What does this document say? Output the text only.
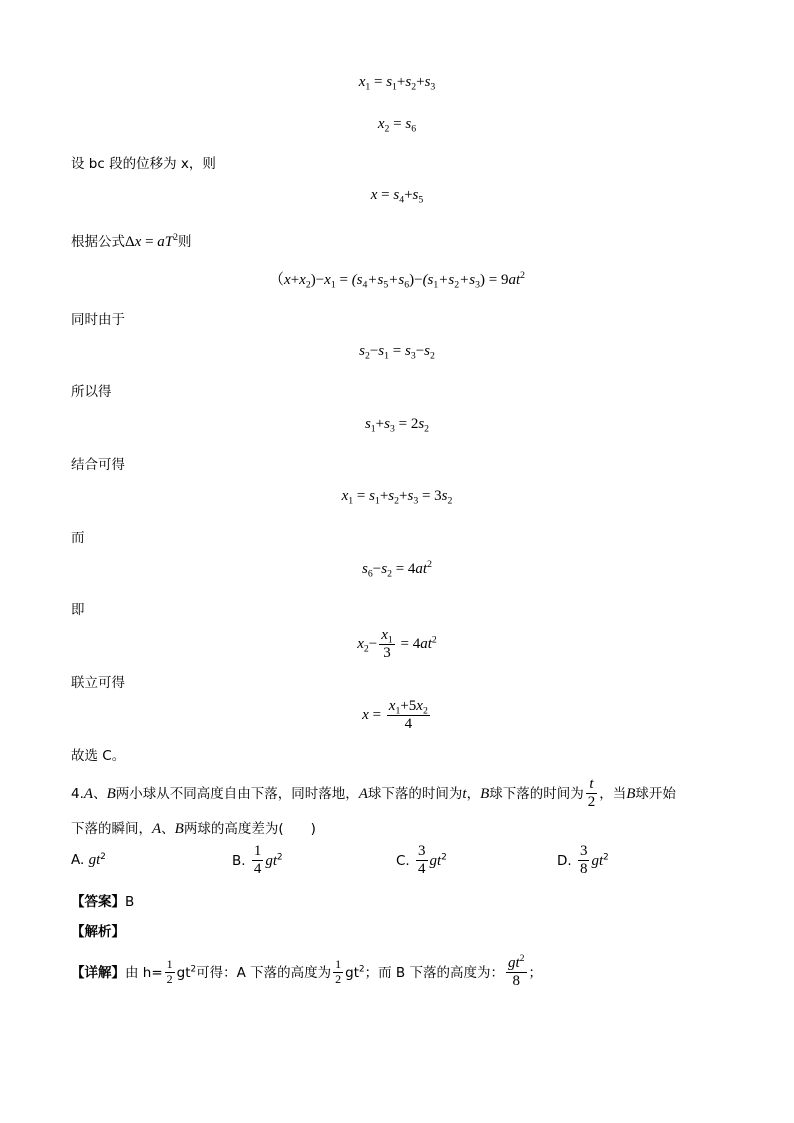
$x_1 = s_1+s_2+s_3$
$x_2 = s_6$
设 bc 段的位移为 x，则
$x = s_4+s_5$
根据公式$\Delta x = aT^2$则
$(x+x_2)-x_1 = (s_4+s_5+s_6)-(s_1+s_2+s_3) = 9at^2$
同时由于
$s_2-s_1 = s_3-s_2$
所以得
$s_1+s_3 = 2s_2$
结合可得
$x_1 = s_1+s_2+s_3 = 3s_2$
而
$s_6-s_2 = 4at^2$
即
$x_2- \frac{x_1}{3} = 4at^2$
联立可得
$x = \frac{x_1+5x_2}{4}$
故选 C。
4.A、B两小球从不同高度自由下落，同时落地，A球下落的时间为t，B球下落的时间为 $\frac{t}{2}$ ，当B球开始
下落的瞬间，A、B两球的高度差为(　　)
A. $gt^2$	B. $\frac{1}{4} gt^2$	C. $\frac{3}{4} gt^2$	D. $\frac{3}{8} gt^2$
【答案】B
【解析】
【详解】由 $h= \frac{1}{2} gt^2$可得：A 下落的高度为 $\frac{1}{2} gt^2$；而 B 下落的高度为： $\frac{gt^2}{8}$ ；
